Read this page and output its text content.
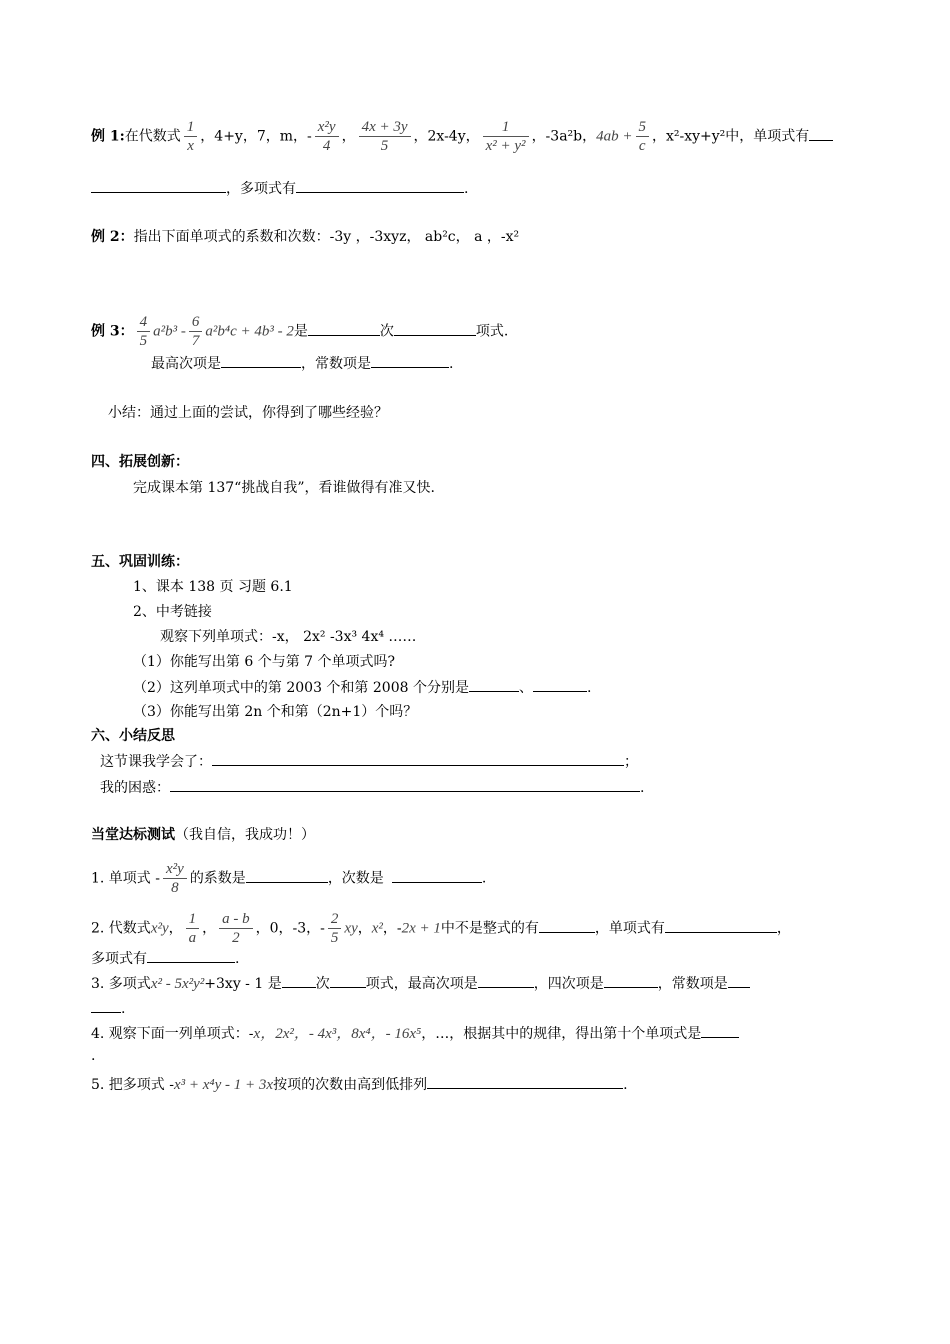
例 1:在代数式 $\frac{1}{x}$ ，4+y，7，m，- $\frac{\text{x²y}}{4}$ ， $\frac{4x + 3y}{5}$ ，2x-4y， $\frac{1}{\text{x² + y²}}$ ，-3a²b，$4ab + \frac{5}{c}$ ，x²-xy+y²中，单项式有
，多项式有	.
例 2：指出下面单项式的系数和次数：-3y ，-3xyz， ab²c， a ，-x²
例 3： $\frac{4}{5} a^2b^3 - \frac{6}{7} a^2b^4c + 4b^3 - 2$是	次	项式.
最高次项是	，常数项是	.
小结：通过上面的尝试，你得到了哪些经验？
四、拓展创新：
完成课本第 137“挑战自我”，看谁做得有准又快.
五、巩固训练：
1、课本 138 页 习题 6.1
2、中考链接
观察下列单项式：-x， 2x² -3x³ 4x⁴ ……
（1）你能写出第 6 个与第 7 个单项式吗?
（2）这列单项式中的第 2003 个和第 2008 个分别是	、	.
（3）你能写出第 2n 个和第（2n+1）个吗？
六、小结反思
这节课我学会了：	；
我的困惑：	.
当堂达标测试（我自信，我成功！）
1. 单项式 - $\frac{\text{x²y}}{8}$ 的系数是	，次数是	.
2. 代数式x²y， $\frac{1}{a}$ ， $\frac{a - b}{2}$ ，0，-3，- $\frac{2}{5}$ xy，x²，-2x + 1中不是整式的有	，单项式有	，
多项式有	.
3. 多项式x² - 5x²y²+3xy - 1 是 次	项式，最高次项是	，四次项是	，常数项是
.
4. 观察下面一列单项式：-x，2x²，- 4x³，8x⁴，- 16x⁵，…，根据其中的规律，得出第十个单项式是
.
5. 把多项式 -x³ + x⁴y - 1 + 3x按项的次数由高到低排列	.
